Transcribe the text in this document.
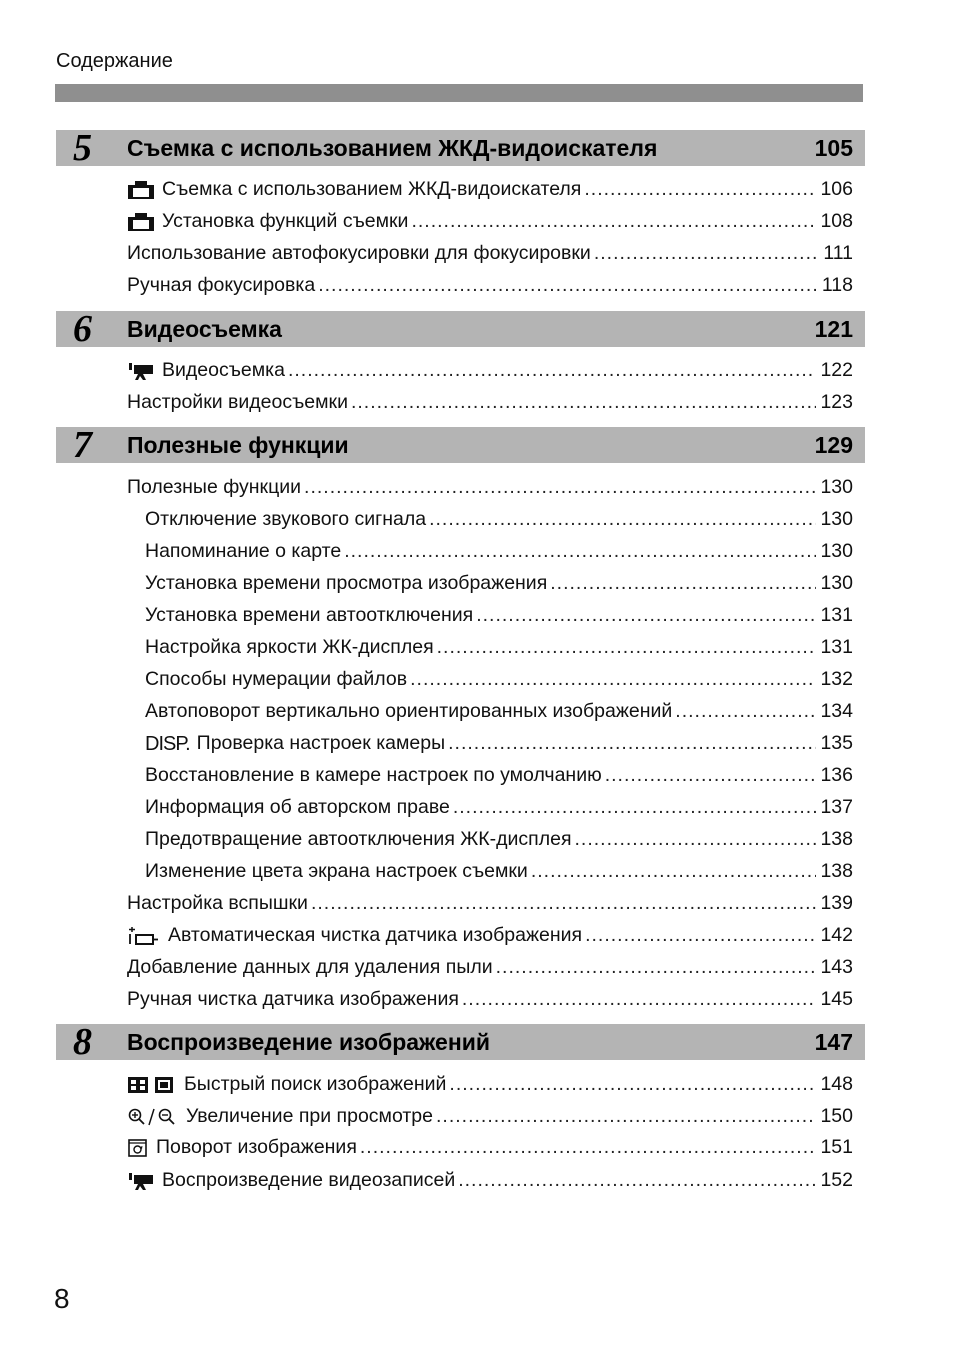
Содержание
5 Съемка с использованием ЖКД-видоискателя	105
Съемка с использованием ЖКД-видоискателя .....	106
Установка функций съемки .....	108
Использование автофокусировки для фокусировки .....	111
Ручная фокусировка .....	118
6 Видеосъемка	121
Видеосъемка .....	122
Настройки видеосъемки .....	123
7 Полезные функции	129
Полезные функции .....	130
Отключение звукового сигнала .....	130
Напоминание о карте .....	130
Установка времени просмотра изображения .....	130
Установка времени автоотключения .....	131
Настройка яркости ЖК-дисплея .....	131
Способы нумерации файлов .....	132
Автоповорот вертикально ориентированных изображений .....	134
DISP. Проверка настроек камеры .....	135
Восстановление в камере настроек по умолчанию .....	136
Информация об авторском праве .....	137
Предотвращение автоотключения ЖК-дисплея .....	138
Изменение цвета экрана настроек съемки .....	138
Настройка вспышки .....	139
Автоматическая чистка датчика изображения .....	142
Добавление данных для удаления пыли .....	143
Ручная чистка датчика изображения .....	145
8 Воспроизведение изображений	147
Быстрый поиск изображений .....	148
Увеличение при просмотре .....	150
Поворот изображения .....	151
Воспроизведение видеозаписей .....	152
8
